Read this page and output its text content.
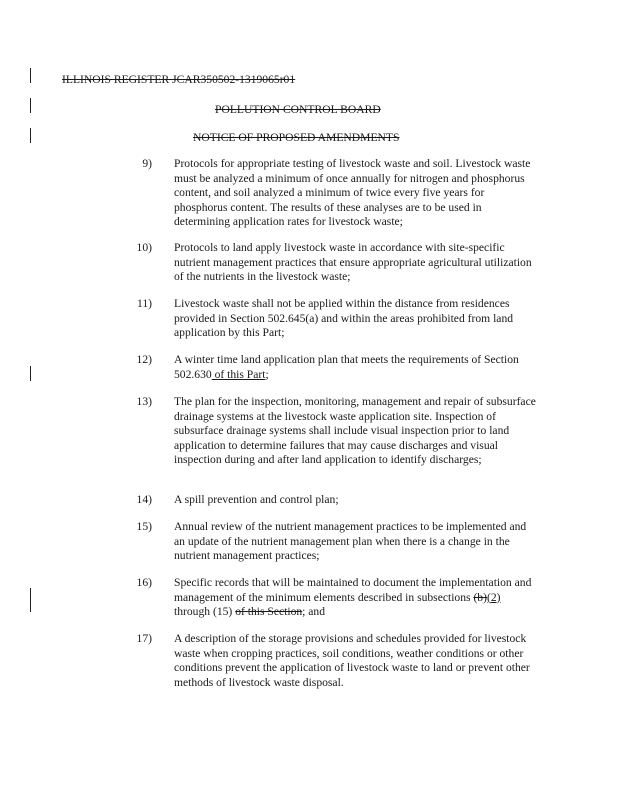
ILLINOIS REGISTER JCAR350502-1319065r01
POLLUTION CONTROL BOARD
NOTICE OF PROPOSED AMENDMENTS
9) Protocols for appropriate testing of livestock waste and soil. Livestock waste must be analyzed a minimum of once annually for nitrogen and phosphorus content, and soil analyzed a minimum of twice every five years for phosphorus content. The results of these analyses are to be used in determining application rates for livestock waste;
10) Protocols to land apply livestock waste in accordance with site-specific nutrient management practices that ensure appropriate agricultural utilization of the nutrients in the livestock waste;
11) Livestock waste shall not be applied within the distance from residences provided in Section 502.645(a) and within the areas prohibited from land application by this Part;
12) A winter time land application plan that meets the requirements of Section 502.630 of this Part;
13) The plan for the inspection, monitoring, management and repair of subsurface drainage systems at the livestock waste application site. Inspection of subsurface drainage systems shall include visual inspection prior to land application to determine failures that may cause discharges and visual inspection during and after land application to identify discharges;
14) A spill prevention and control plan;
15) Annual review of the nutrient management practices to be implemented and an update of the nutrient management plan when there is a change in the nutrient management practices;
16) Specific records that will be maintained to document the implementation and management of the minimum elements described in subsections (b)(2) through (15) of this Section; and
17) A description of the storage provisions and schedules provided for livestock waste when cropping practices, soil conditions, weather conditions or other conditions prevent the application of livestock waste to land or prevent other methods of livestock waste disposal.
